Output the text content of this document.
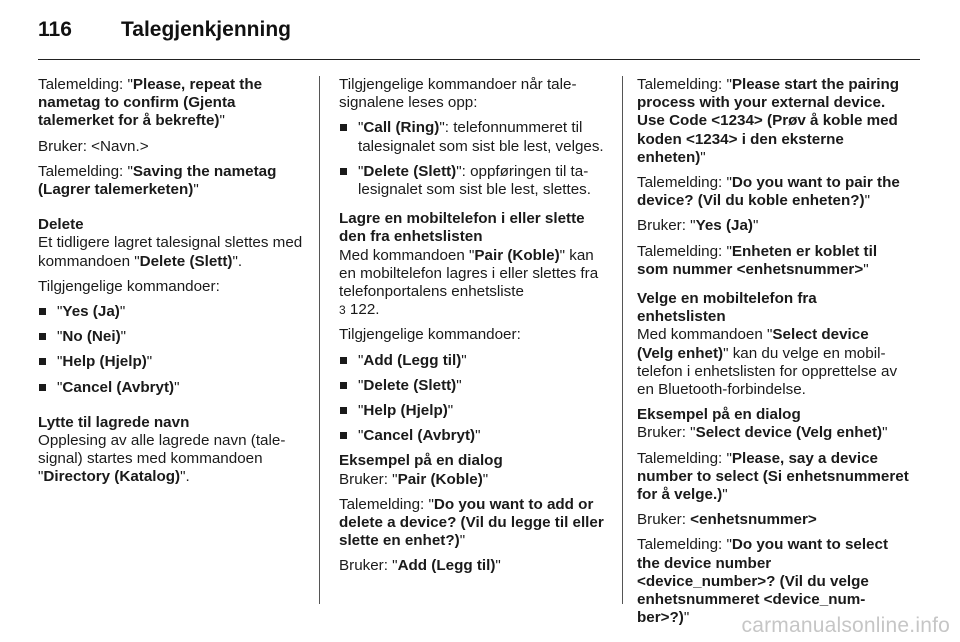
116 Talegjenkjenning

Talemelding: "Please, repeat the nametag to confirm (Gjenta talemerket for å bekrefte)"

Bruker: <Navn.>

Talemelding: "Saving the nametag (Lagrer talemerketen)"

Delete

Et tidligere lagret talesignal slettes med kommandoen "Delete (Slett)".

Tilgjengelige kommandoer:

"Yes (Ja)"
"No (Nei)"
"Help (Hjelp)"
"Cancel (Avbryt)"

Lytte til lagrede navn

Opplesing av alle lagrede navn (talesignal) startes med kommandoen "Directory (Katalog)".

Tilgjengelige kommandoer når talesignalene leses opp:

"Call (Ring)": telefonnummeret til talesignalet som sist ble lest, velges.
"Delete (Slett)": oppføringen til talesignalet som sist ble lest, slettes.

Lagre en mobiltelefon i eller slette den fra enhetslisten

Med kommandoen "Pair (Koble)" kan en mobiltelefon lagres i eller slettes fra telefonportalens enhetsliste
3 122.

Tilgjengelige kommandoer:

"Add (Legg til)"
"Delete (Slett)"
"Help (Hjelp)"
"Cancel (Avbryt)"

Eksempel på en dialog

Bruker: "Pair (Koble)"

Talemelding: "Do you want to add or delete a device? (Vil du legge til eller slette en enhet?)"

Bruker: "Add (Legg til)"

Talemelding: "Please start the pairing process with your external device. Use Code <1234> (Prøv å koble med koden <1234> i den eksterne enheten)"

Talemelding: "Do you want to pair the device? (Vil du koble enheten?)"

Bruker: "Yes (Ja)"

Talemelding: "Enheten er koblet til som nummer <enhetsnummer>"

Velge en mobiltelefon fra enhetslisten

Med kommandoen "Select device (Velg enhet)" kan du velge en mobiltelefon i enhetslisten for opprettelse av en Bluetooth-forbindelse.

Eksempel på en dialog

Bruker: "Select device (Velg enhet)"

Talemelding: "Please, say a device number to select (Si enhetsnummeret for å velge.)"

Bruker: <enhetsnummer>

Talemelding: "Do you want to select the device number <device_number>? (Vil du velge enhetsnummeret <device_number>?)"	carmanualsonline.info
